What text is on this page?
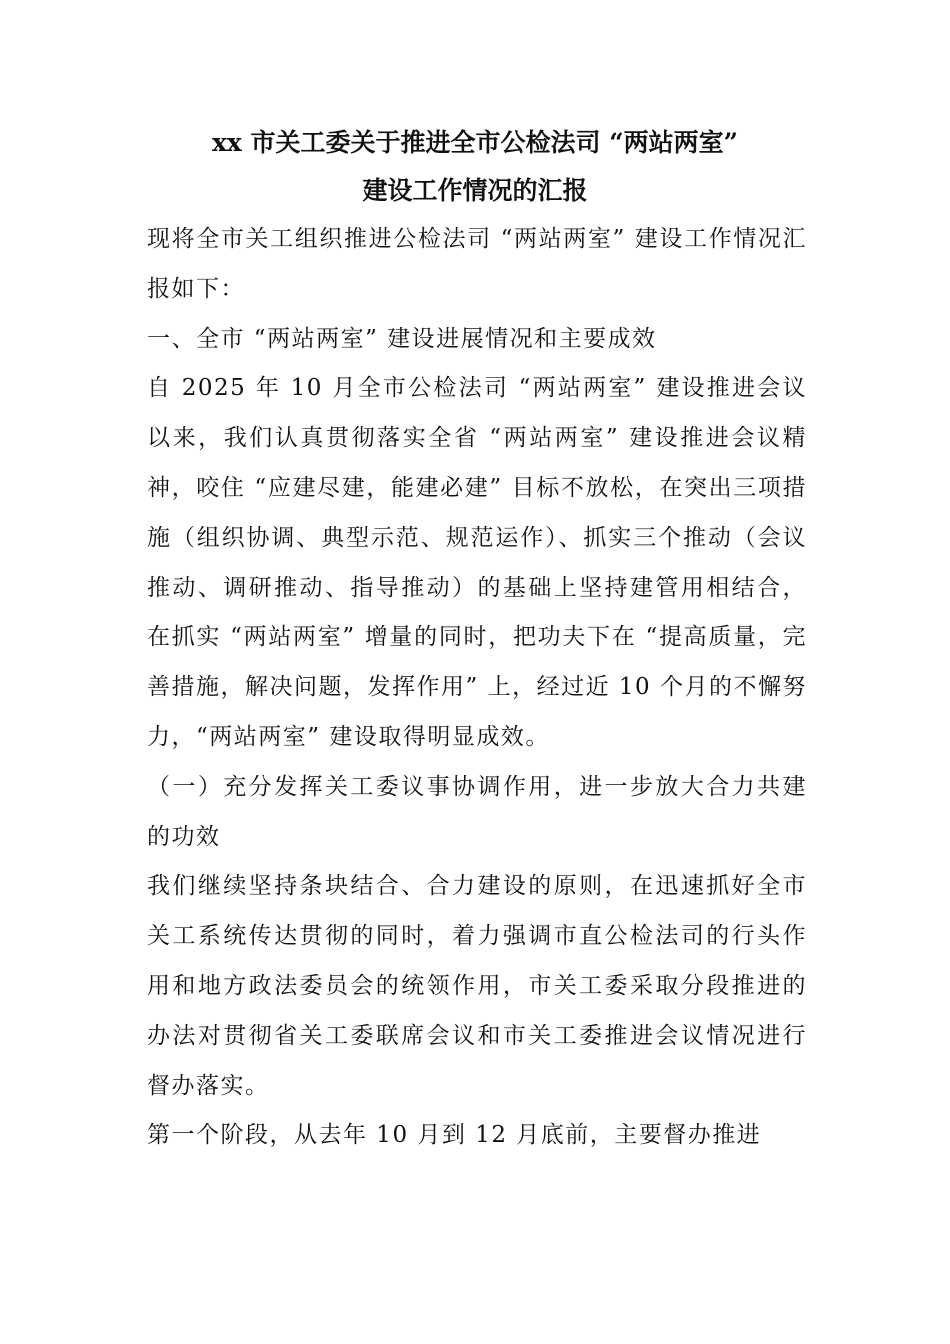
xx 市关工委关于推进全市公检法司 “两站两室”
建设工作情况的汇报

现将全市关工组织推进公检法司 “两站两室” 建设工作情况汇报如下：

一、全市 “两站两室” 建设进展情况和主要成效

自 2025 年 10 月全市公检法司 “两站两室” 建设推进会议以来，我们认真贯彻落实全省 “两站两室” 建设推进会议精神，咬住 “应建尽建，能建必建” 目标不放松，在突出三项措施（组织协调、典型示范、规范运作）、抓实三个推动（会议推动、调研推动、指导推动）的基础上坚持建管用相结合，在抓实 “两站两室” 增量的同时，把功夫下在 “提高质量，完善措施，解决问题，发挥作用” 上，经过近 10 个月的不懈努力，“两站两室” 建设取得明显成效。

（一）充分发挥关工委议事协调作用，进一步放大合力共建的功效

我们继续坚持条块结合、合力建设的原则，在迅速抓好全市关工系统传达贯彻的同时，着力强调市直公检法司的行头作用和地方政法委员会的统领作用，市关工委采取分段推进的办法对贯彻省关工委联席会议和市关工委推进会议情况进行督办落实。

第一个阶段，从去年 10 月到 12 月底前，主要督办推进
